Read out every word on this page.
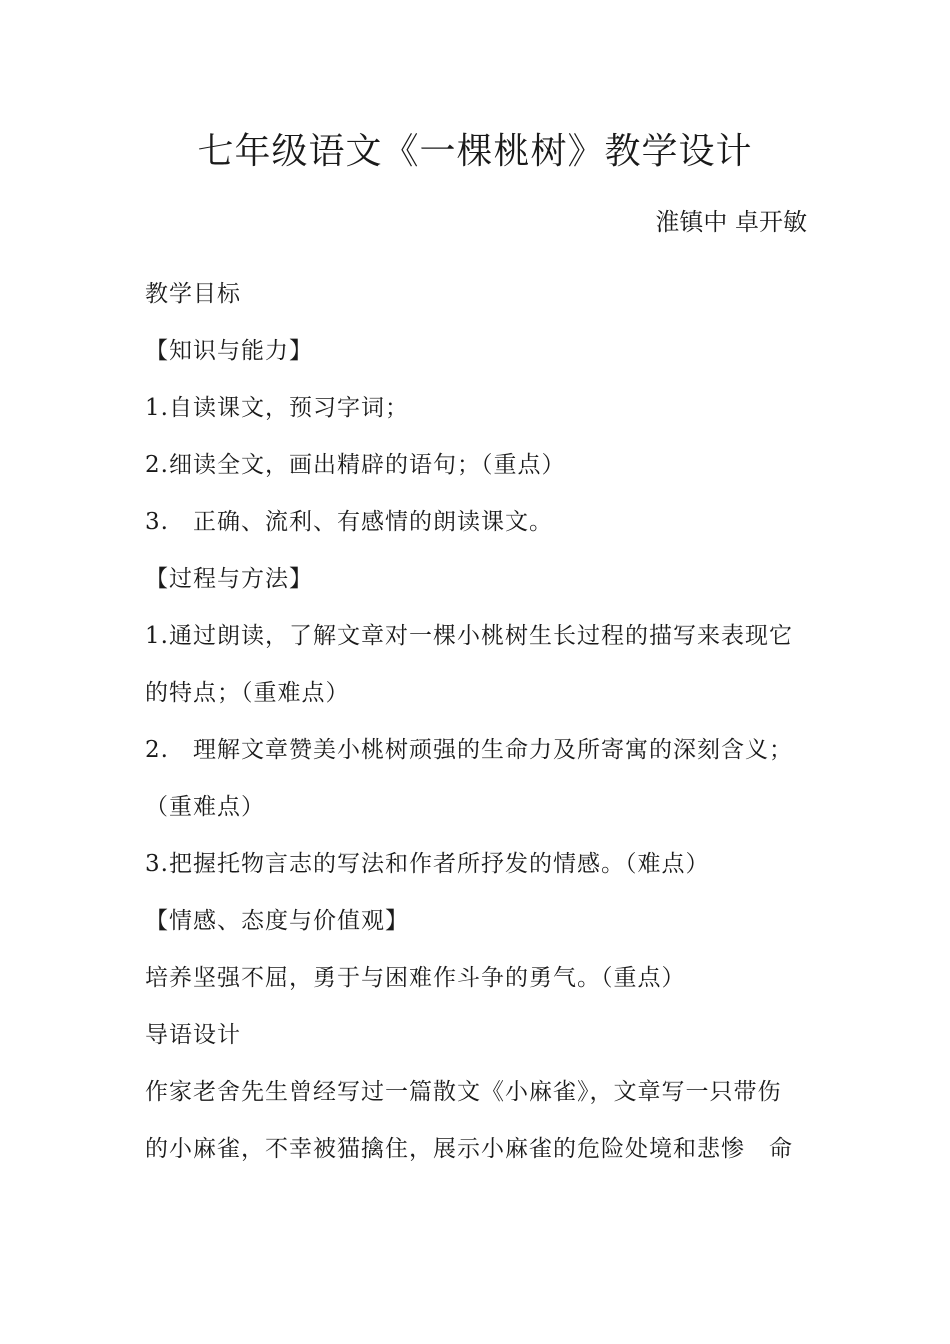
七年级语文《一棵桃树》教学设计
淮镇中 卓开敏
教学目标
【知识与能力】
1.自读课文，预习字词；
2.细读全文，画出精辟的语句；（重点）
3.　正确、流利、有感情的朗读课文。
【过程与方法】
1.通过朗读，了解文章对一棵小桃树生长过程的描写来表现它
的特点；（重难点）
2.　理解文章赞美小桃树顽强的生命力及所寄寓的深刻含义；
（重难点）
3.把握托物言志的写法和作者所抒发的情感。（难点）
【情感、态度与价值观】
培养坚强不屈，勇于与困难作斗争的勇气。（重点）
导语设计
作家老舍先生曾经写过一篇散文《小麻雀》，文章写一只带伤
的小麻雀，不幸被猫擒住，展示小麻雀的危险处境和悲惨　命
